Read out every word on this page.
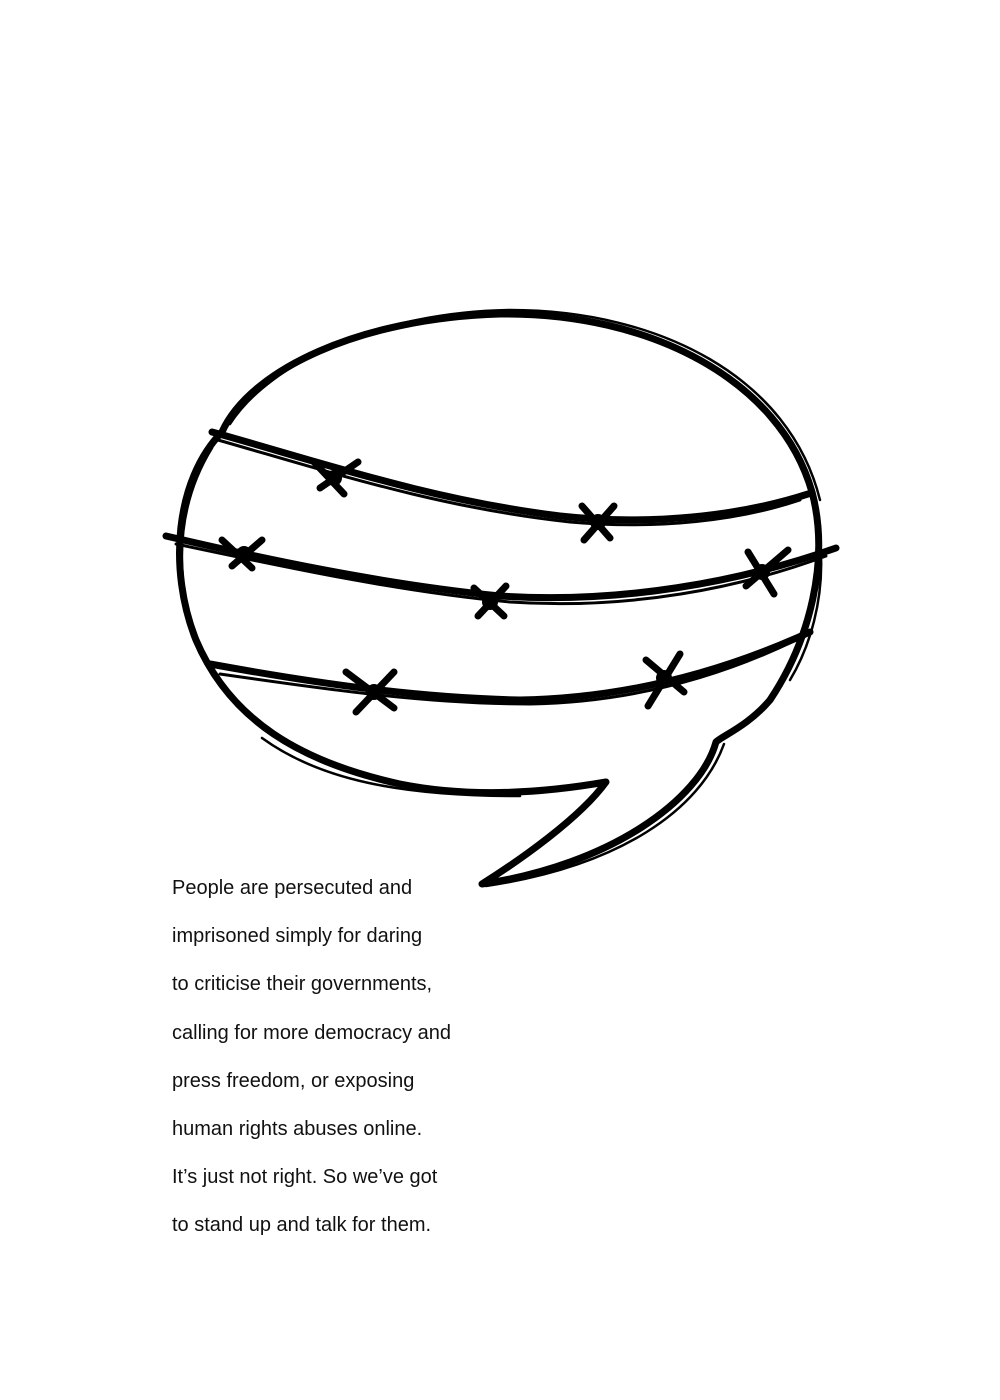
People are persecuted and
imprisoned simply for daring
to criticise their governments,
calling for more democracy and
press freedom, or exposing
human rights abuses online.
It’s just not right. So we’ve got
to stand up and talk for them.
